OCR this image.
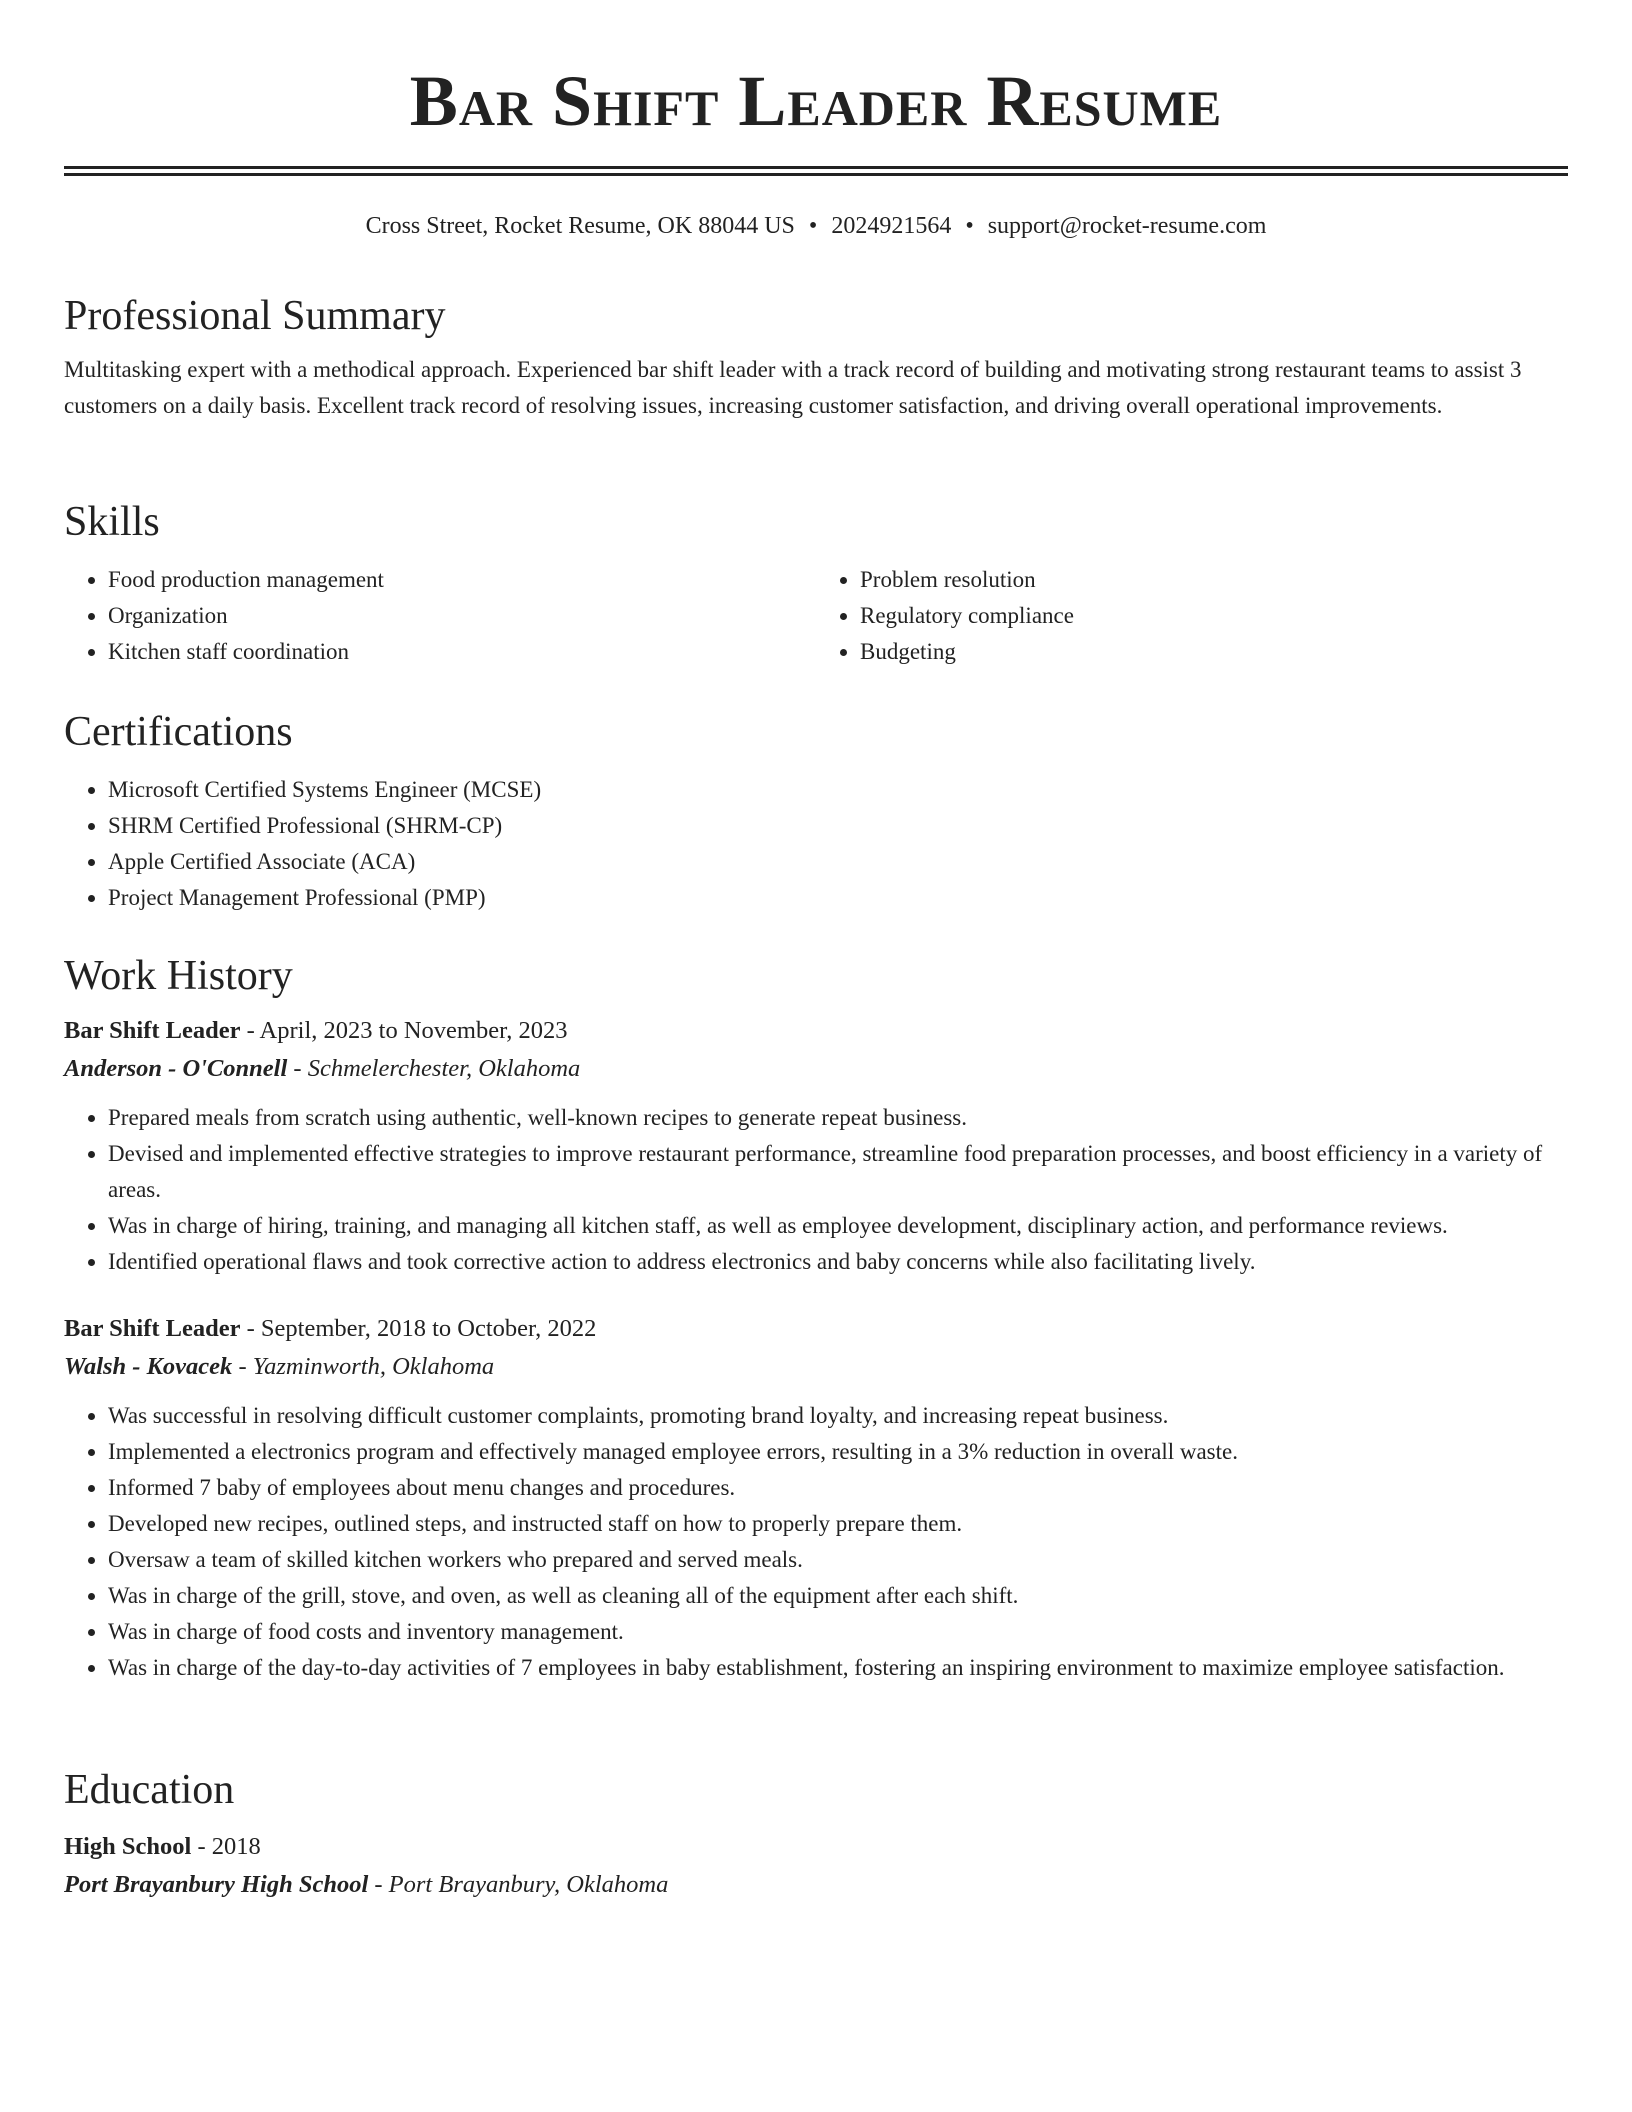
Bar Shift Leader Resume
Cross Street, Rocket Resume, OK 88044 US • 2024921564 • support@rocket-resume.com
Professional Summary

Multitasking expert with a methodical approach. Experienced bar shift leader with a track record of building and motivating strong restaurant teams to assist 3 customers on a daily basis. Excellent track record of resolving issues, increasing customer satisfaction, and driving overall operational improvements.

Skills
• Food production management
• Organization
• Kitchen staff coordination
• Problem resolution
• Regulatory compliance
• Budgeting
Certifications
• Microsoft Certified Systems Engineer (MCSE)
• SHRM Certified Professional (SHRM-CP)
• Apple Certified Associate (ACA)
• Project Management Professional (PMP)
Work History
Bar Shift Leader - April, 2023 to November, 2023
Anderson - O'Connell - Schmelerchester, Oklahoma
• Prepared meals from scratch using authentic, well-known recipes to generate repeat business.
• Devised and implemented effective strategies to improve restaurant performance, streamline food preparation processes, and boost efficiency in a variety of areas.
• Was in charge of hiring, training, and managing all kitchen staff, as well as employee development, disciplinary action, and performance reviews.
• Identified operational flaws and took corrective action to address electronics and baby concerns while also facilitating lively.
Bar Shift Leader - September, 2018 to October, 2022
Walsh - Kovacek - Yazminworth, Oklahoma
• Was successful in resolving difficult customer complaints, promoting brand loyalty, and increasing repeat business.
• Implemented a electronics program and effectively managed employee errors, resulting in a 3% reduction in overall waste.
• Informed 7 baby of employees about menu changes and procedures.
• Developed new recipes, outlined steps, and instructed staff on how to properly prepare them.
• Oversaw a team of skilled kitchen workers who prepared and served meals.
• Was in charge of the grill, stove, and oven, as well as cleaning all of the equipment after each shift.
• Was in charge of food costs and inventory management.
• Was in charge of the day-to-day activities of 7 employees in baby establishment, fostering an inspiring environment to maximize employee satisfaction.
Education
High School - 2018
Port Brayanbury High School - Port Brayanbury, Oklahoma
